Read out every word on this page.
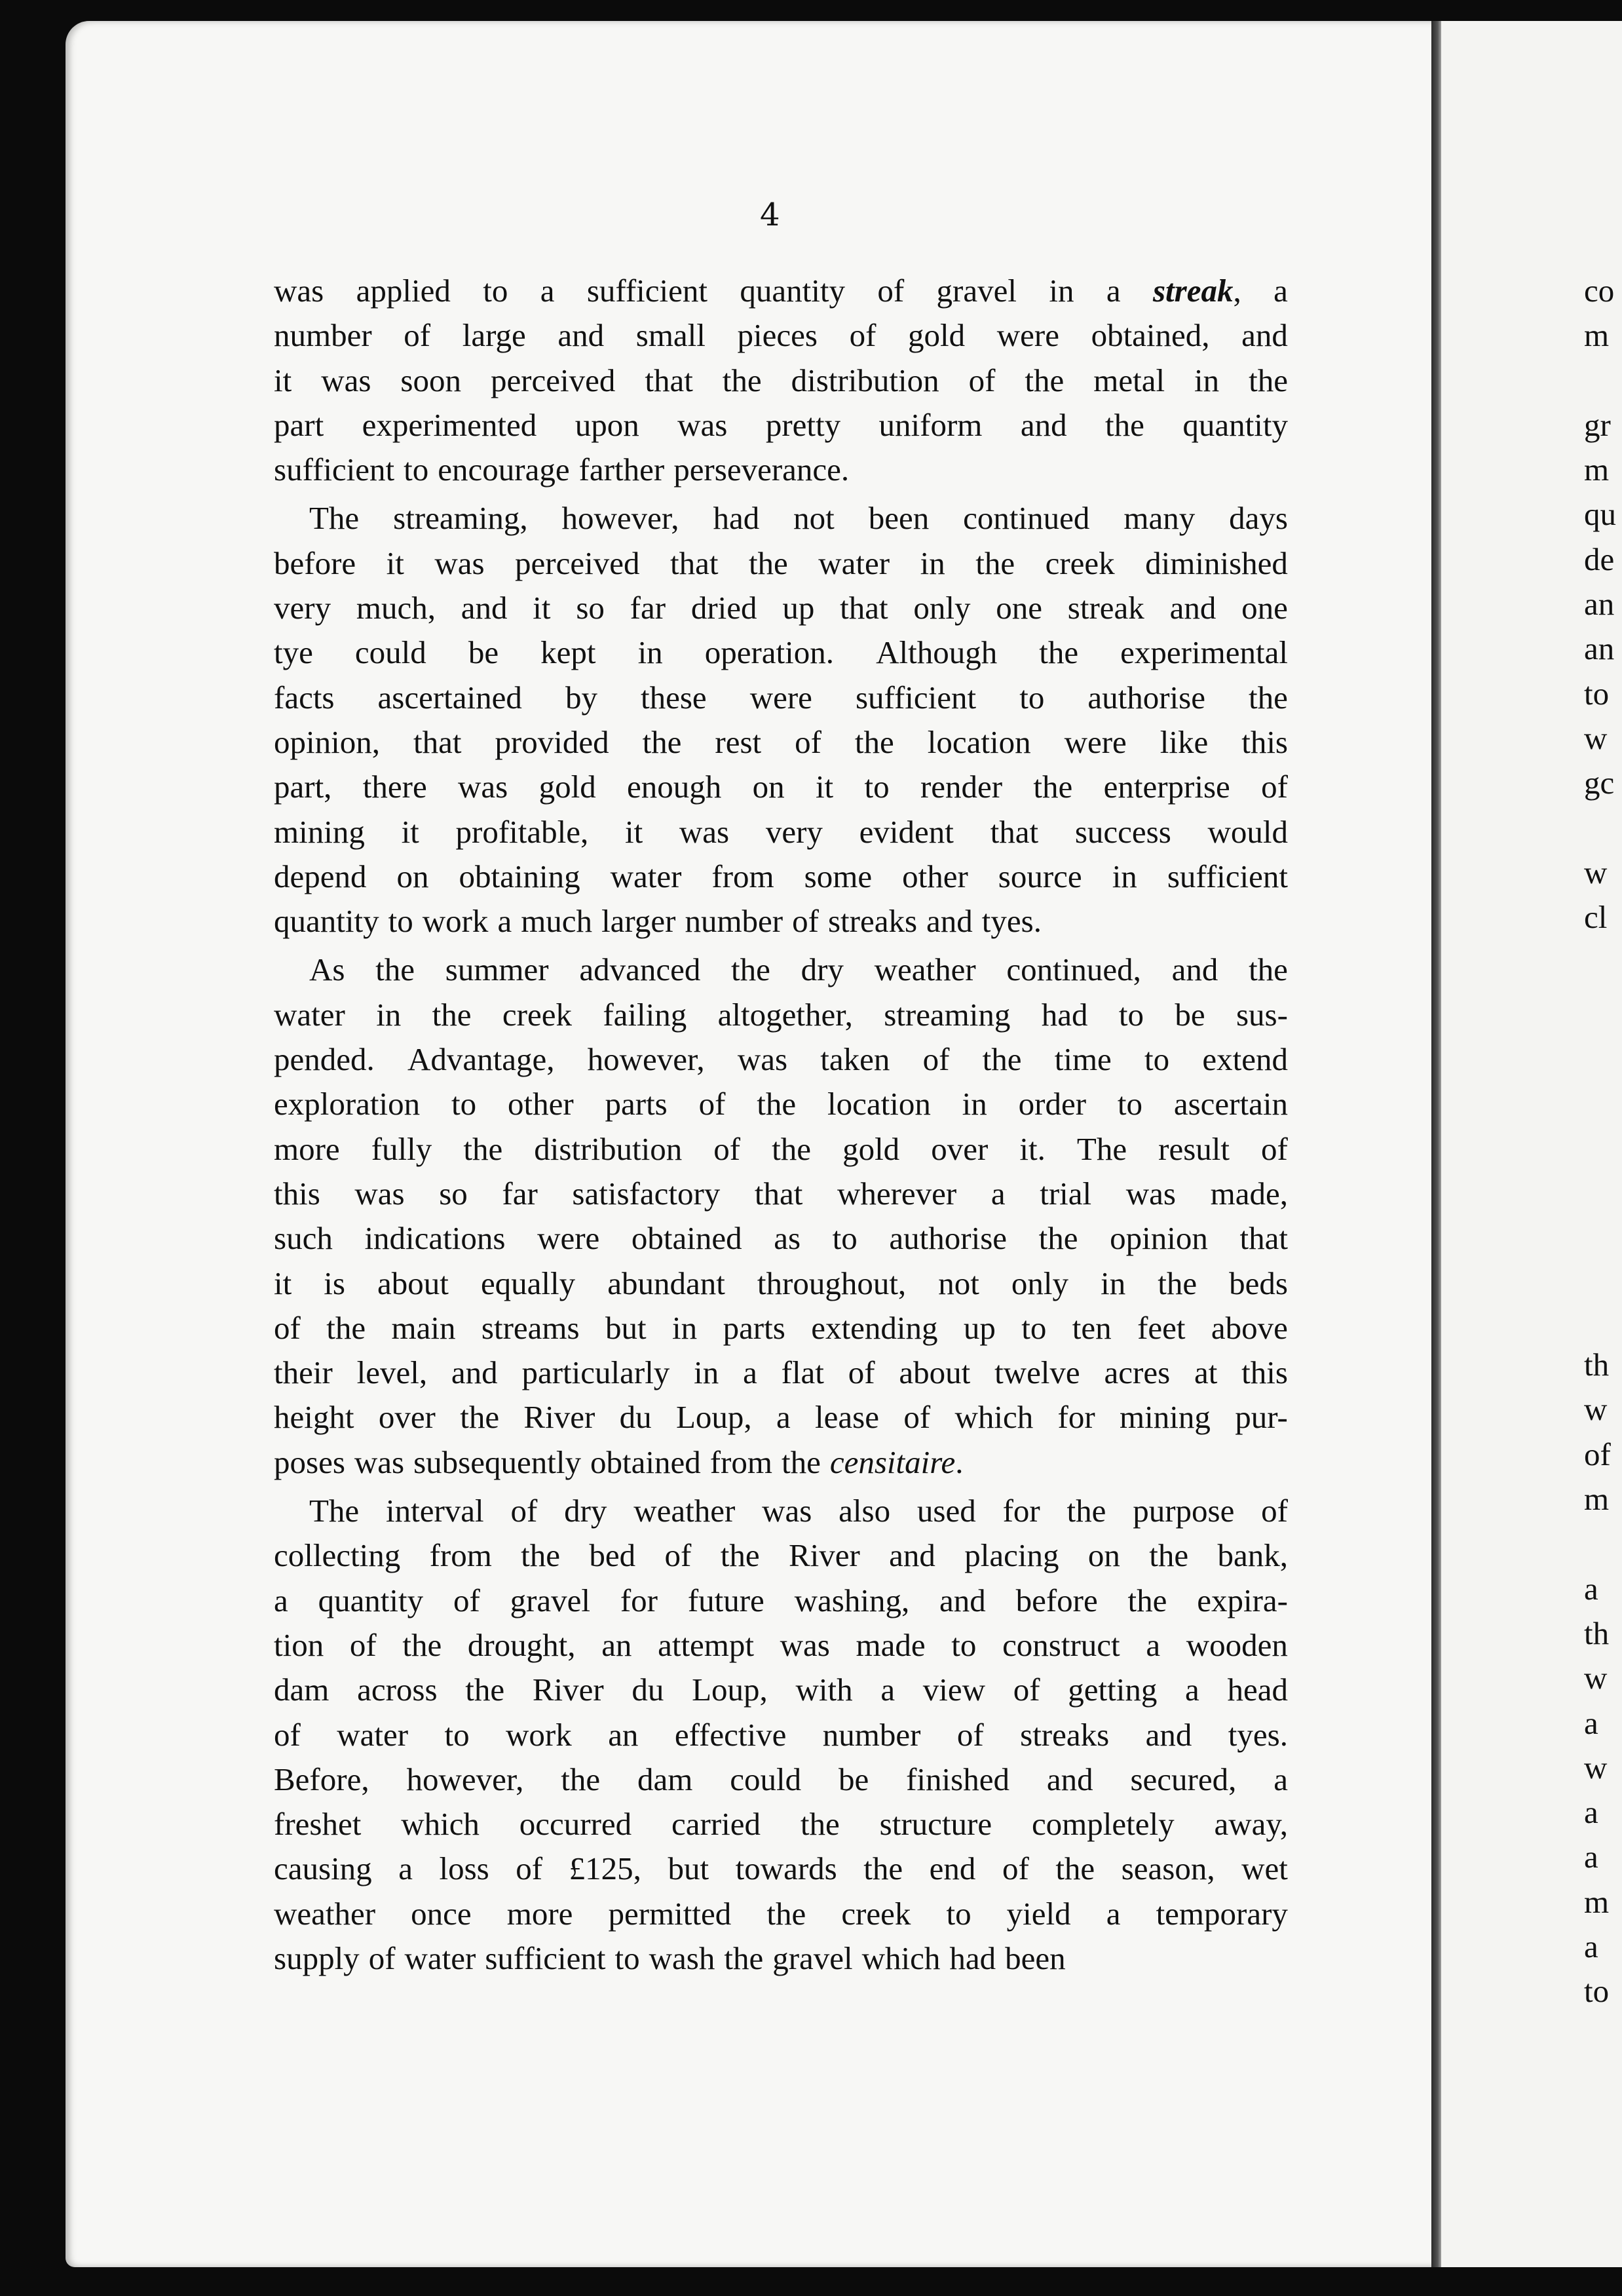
4
was applied to a sufficient quantity of gravel in a streak, a
number of large and small pieces of gold were obtained, and
it was soon perceived that the distribution of the metal in the
part experimented upon was pretty uniform and the quantity
sufficient to encourage farther perseverance.
The streaming, however, had not been continued many days
before it was perceived that the water in the creek diminished
very much, and it so far dried up that only one streak and one
tye could be kept in operation. Although the experimental
facts ascertained by these were sufficient to authorise the
opinion, that provided the rest of the location were like this
part, there was gold enough on it to render the enterprise of
mining it profitable, it was very evident that success would
depend on obtaining water from some other source in sufficient
quantity to work a much larger number of streaks and tyes.
As the summer advanced the dry weather continued, and the
water in the creek failing altogether, streaming had to be sus-
pended. Advantage, however, was taken of the time to extend
exploration to other parts of the location in order to ascertain
more fully the distribution of the gold over it. The result of
this was so far satisfactory that wherever a trial was made,
such indications were obtained as to authorise the opinion that
it is about equally abundant throughout, not only in the beds
of the main streams but in parts extending up to ten feet above
their level, and particularly in a flat of about twelve acres at this
height over the River du Loup, a lease of which for mining pur-
poses was subsequently obtained from the censitaire.
The interval of dry weather was also used for the purpose of
collecting from the bed of the River and placing on the bank,
a quantity of gravel for future washing, and before the expira-
tion of the drought, an attempt was made to construct a wooden
dam across the River du Loup, with a view of getting a head
of water to work an effective number of streaks and tyes.
Before, however, the dam could be finished and secured, a
freshet which occurred carried the structure completely away,
causing a loss of £125, but towards the end of the season, wet
weather once more permitted the creek to yield a temporary
supply of water sufficient to wash the gravel which had been
co
m
gr
m
qu
de
an
an
to
w
gc
w
cl
th
w
of
m
a
th
w
a
w
a
a
m
a
to
